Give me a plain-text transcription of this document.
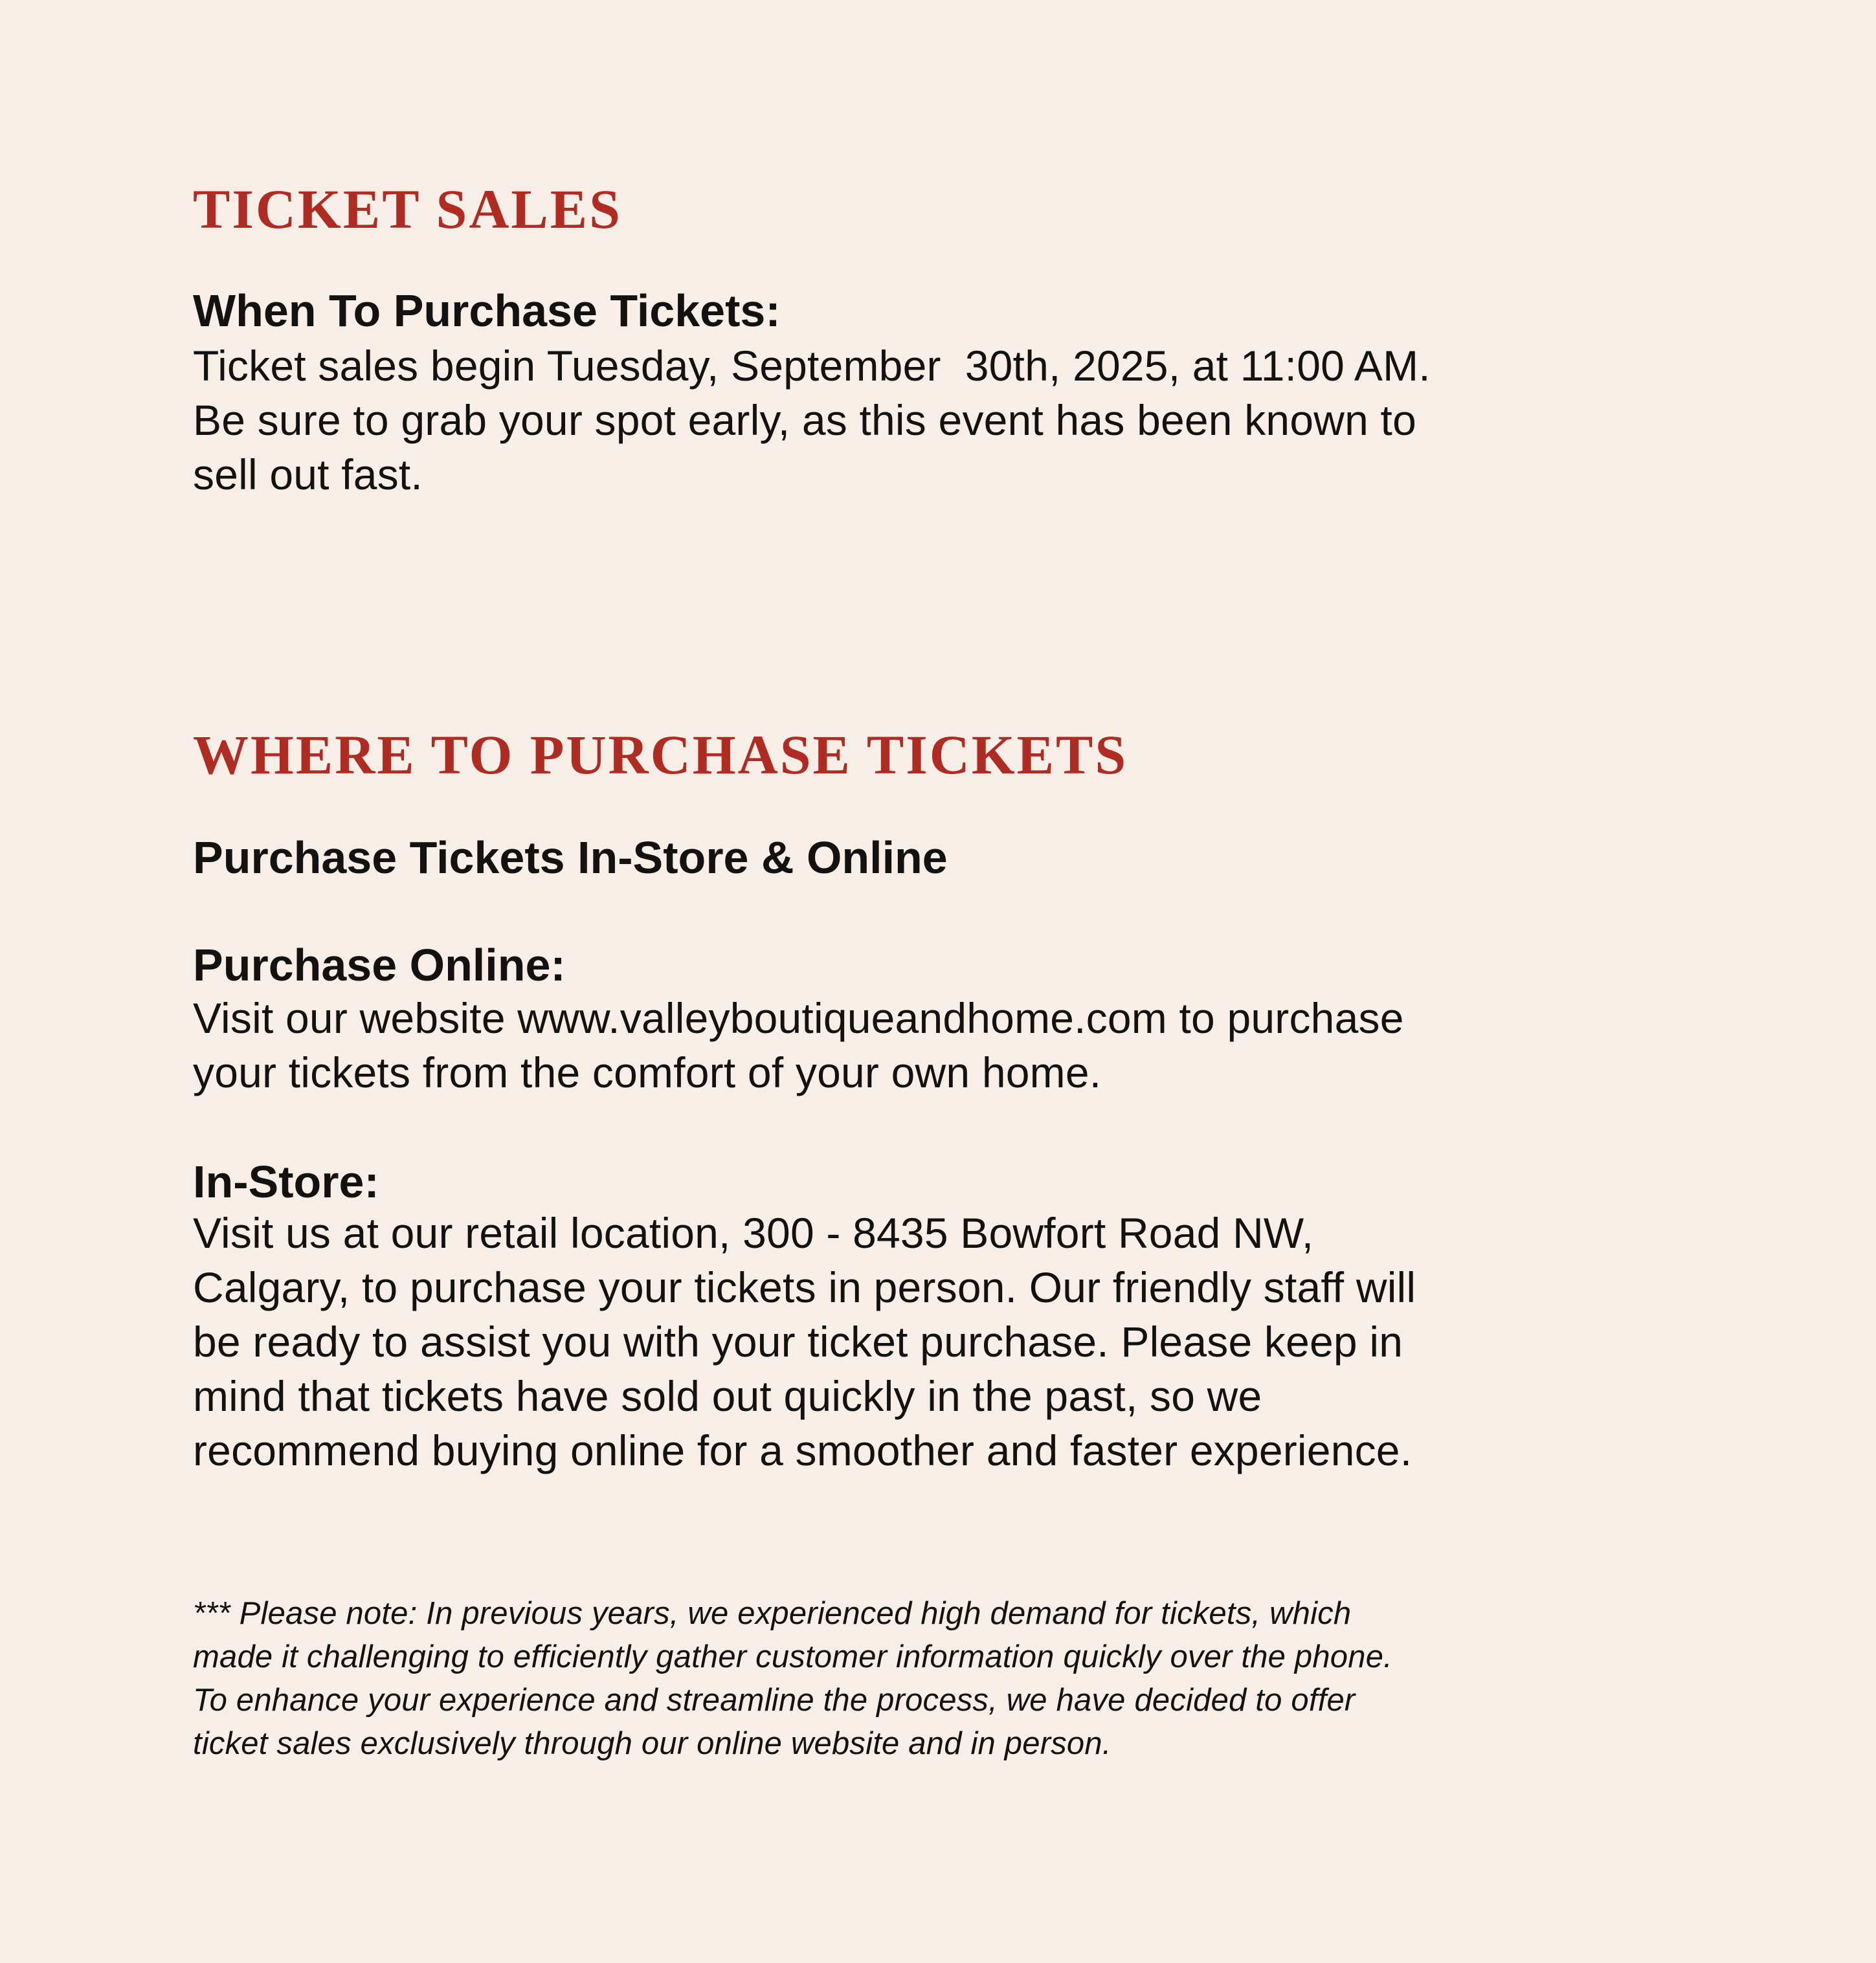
TICKET SALES
When To Purchase Tickets:
Ticket sales begin Tuesday, September  30th, 2025, at 11:00 AM.
Be sure to grab your spot early, as this event has been known to
sell out fast.
WHERE TO PURCHASE TICKETS
Purchase Tickets In-Store & Online
Purchase Online:
Visit our website www.valleyboutiqueandhome.com to purchase
your tickets from the comfort of your own home.
In-Store:
Visit us at our retail location, 300 - 8435 Bowfort Road NW,
Calgary, to purchase your tickets in person. Our friendly staff will
be ready to assist you with your ticket purchase. Please keep in
mind that tickets have sold out quickly in the past, so we
recommend buying online for a smoother and faster experience.
*** Please note: In previous years, we experienced high demand for tickets, which
made it challenging to efficiently gather customer information quickly over the phone.
To enhance your experience and streamline the process, we have decided to offer
ticket sales exclusively through our online website and in person.
